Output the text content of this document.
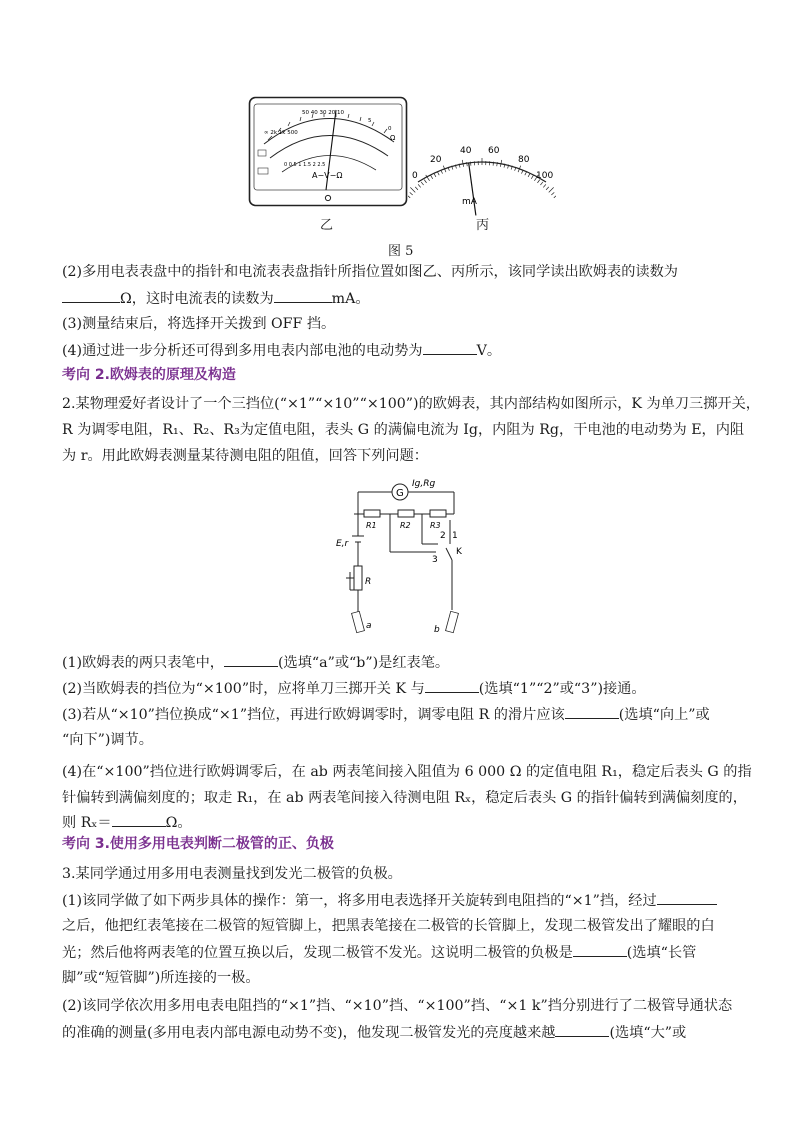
∞ 2k 1k 500
50 40 30 20 10
5
Ω
0
0 0.5 1 1.5 2 2.5
A−V−Ω
乙
0
20
40 60
80
100
mA
丙
图 5
(2)多用电表表盘中的指针和电流表表盘指针所指位置如图乙、丙所示，该同学读出欧姆表的读数为
Ω，这时电流表的读数为	mA。
(3)测量结束后，将选择开关拨到 OFF 挡。
(4)通过进一步分析还可得到多用电表内部电池的电动势为	V。
考向 2.欧姆表的原理及构造
2.某物理爱好者设计了一个三挡位(“×1”“×10”“×100”)的欧姆表，其内部结构如图所示，K 为单刀三掷开关，
R 为调零电阻，R₁、R₂、R₃为定值电阻，表头 G 的满偏电流为 Ig，内阻为 Rg，干电池的电动势为 E，内阻
为 r。用此欧姆表测量某待测电阻的阻值，回答下列问题：
G
Ig,Rg
R1	R2 R3
E,r
R
2 1
3
K
a	b
(1)欧姆表的两只表笔中，	(选填“a”或“b”)是红表笔。
(2)当欧姆表的挡位为“×100”时，应将单刀三掷开关 K 与	(选填“1”“2”或“3”)接通。
(3)若从“×10”挡位换成“×1”挡位，再进行欧姆调零时，调零电阻 R 的滑片应该	(选填“向上”或
“向下”)调节。
(4)在“×100”挡位进行欧姆调零后，在 ab 两表笔间接入阻值为 6 000 Ω 的定值电阻 R₁，稳定后表头 G 的指
针偏转到满偏刻度的；取走 R₁，在 ab 两表笔间接入待测电阻 Rₓ，稳定后表头 G 的指针偏转到满偏刻度的，
则 Rₓ＝	Ω。
考向 3.使用多用电表判断二极管的正、负极
3.某同学通过用多用电表测量找到发光二极管的负极。
(1)该同学做了如下两步具体的操作：第一，将多用电表选择开关旋转到电阻挡的“×1”挡，经过
之后，他把红表笔接在二极管的短管脚上，把黑表笔接在二极管的长管脚上，发现二极管发出了耀眼的白
光；然后他将两表笔的位置互换以后，发现二极管不发光。这说明二极管的负极是	(选填“长管
脚”或“短管脚”)所连接的一极。
(2)该同学依次用多用电表电阻挡的“×1”挡、“×10”挡、“×100”挡、“×1 k”挡分别进行了二极管导通状态
的准确的测量(多用电表内部电源电动势不变)，他发现二极管发光的亮度越来越	(选填“大”或
